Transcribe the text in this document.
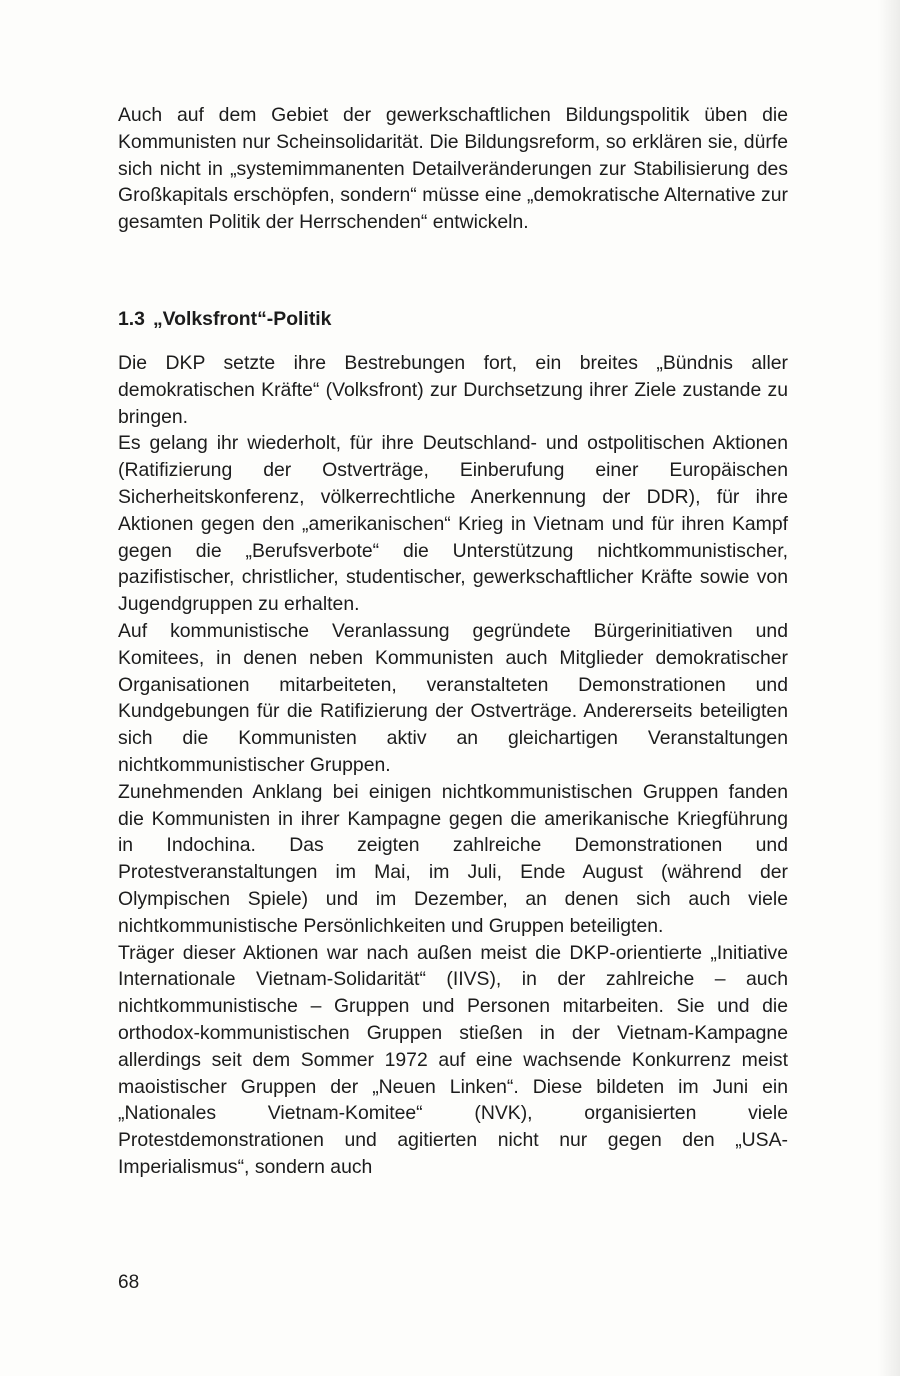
Auch auf dem Gebiet der gewerkschaftlichen Bildungspolitik üben die Kommunisten nur Scheinsolidarität. Die Bildungsreform, so erklären sie, dürfe sich nicht in „systemimmanenten Detailveränderungen zur Stabilisierung des Großkapitals erschöpfen, sondern“ müsse eine „demokratische Alternative zur gesamten Politik der Herrschenden“ entwickeln.

1.3 „Volksfront“-Politik

Die DKP setzte ihre Bestrebungen fort, ein breites „Bündnis aller demokratischen Kräfte“ (Volksfront) zur Durchsetzung ihrer Ziele zustande zu bringen.

Es gelang ihr wiederholt, für ihre Deutschland- und ostpolitischen Aktionen (Ratifizierung der Ostverträge, Einberufung einer Europäischen Sicherheitskonferenz, völkerrechtliche Anerkennung der DDR), für ihre Aktionen gegen den „amerikanischen“ Krieg in Vietnam und für ihren Kampf gegen die „Berufsverbote“ die Unterstützung nichtkommunistischer, pazifistischer, christlicher, studentischer, gewerkschaftlicher Kräfte sowie von Jugendgruppen zu erhalten.

Auf kommunistische Veranlassung gegründete Bürgerinitiativen und Komitees, in denen neben Kommunisten auch Mitglieder demokratischer Organisationen mitarbeiteten, veranstalteten Demonstrationen und Kundgebungen für die Ratifizierung der Ostverträge. Andererseits beteiligten sich die Kommunisten aktiv an gleichartigen Veranstaltungen nichtkommunistischer Gruppen.

Zunehmenden Anklang bei einigen nichtkommunistischen Gruppen fanden die Kommunisten in ihrer Kampagne gegen die amerikanische Kriegführung in Indochina. Das zeigten zahlreiche Demonstrationen und Protestveranstaltungen im Mai, im Juli, Ende August (während der Olympischen Spiele) und im Dezember, an denen sich auch viele nichtkommunistische Persönlichkeiten und Gruppen beteiligten.

Träger dieser Aktionen war nach außen meist die DKP-orientierte „Initiative Internationale Vietnam-Solidarität“ (IIVS), in der zahlreiche – auch nichtkommunistische – Gruppen und Personen mitarbeiten. Sie und die orthodox-kommunistischen Gruppen stießen in der Vietnam-Kampagne allerdings seit dem Sommer 1972 auf eine wachsende Konkurrenz meist maoistischer Gruppen der „Neuen Linken“. Diese bildeten im Juni ein „Nationales Vietnam-Komitee“ (NVK), organisierten viele Protestdemonstrationen und agitierten nicht nur gegen den „USA-Imperialismus“, sondern auch

68
